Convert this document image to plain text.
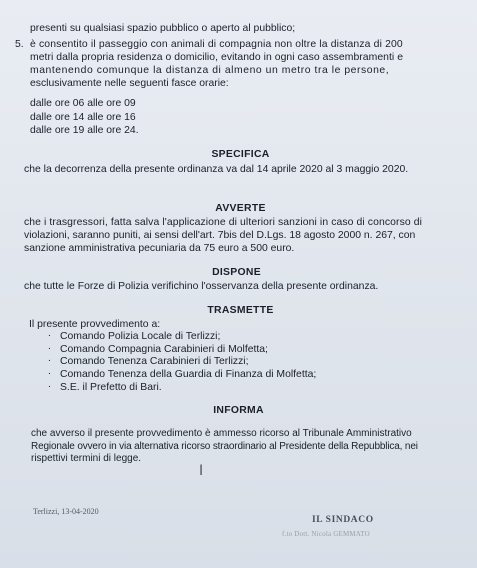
presenti su qualsiasi spazio pubblico o aperto al pubblico;
5. è consentito il passeggio con animali di compagnia non oltre la distanza di 200
metri dalla propria residenza o domicilio, evitando in ogni caso assembramenti e
mantenendo comunque la distanza di almeno un metro tra le persone,
esclusivamente nelle seguenti fasce orarie:
dalle ore 06 alle ore 09
dalle ore 14 alle ore 16
dalle ore 19 alle ore 24.
SPECIFICA
che la decorrenza della presente ordinanza va dal 14 aprile 2020 al 3 maggio 2020.
AVVERTE
che i trasgressori, fatta salva l'applicazione di ulteriori sanzioni in caso di concorso di
violazioni, saranno puniti, ai sensi dell'art. 7bis del D.Lgs. 18 agosto 2000 n. 267, con
sanzione amministrativa pecuniaria da 75 euro a 500 euro.
DISPONE
che tutte le Forze di Polizia verifichino l'osservanza della presente ordinanza.
TRASMETTE
Il presente provvedimento a:
. Comando Polizia Locale di Terlizzi;
. Comando Compagnia Carabinieri di Molfetta;
. Comando Tenenza Carabinieri di Terlizzi;
. Comando Tenenza della Guardia di Finanza di Molfetta;
. S.E. il Prefetto di Bari.
INFORMA
che avverso il presente provvedimento è ammesso ricorso al Tribunale Amministrativo
Regionale ovvero in via alternativa ricorso straordinario al Presidente della Repubblica, nei
rispettivi termini di legge.
I
Terlizzi, 13-04-2020
IL SINDACO
f.to Dott. Nicola GEMMATO
